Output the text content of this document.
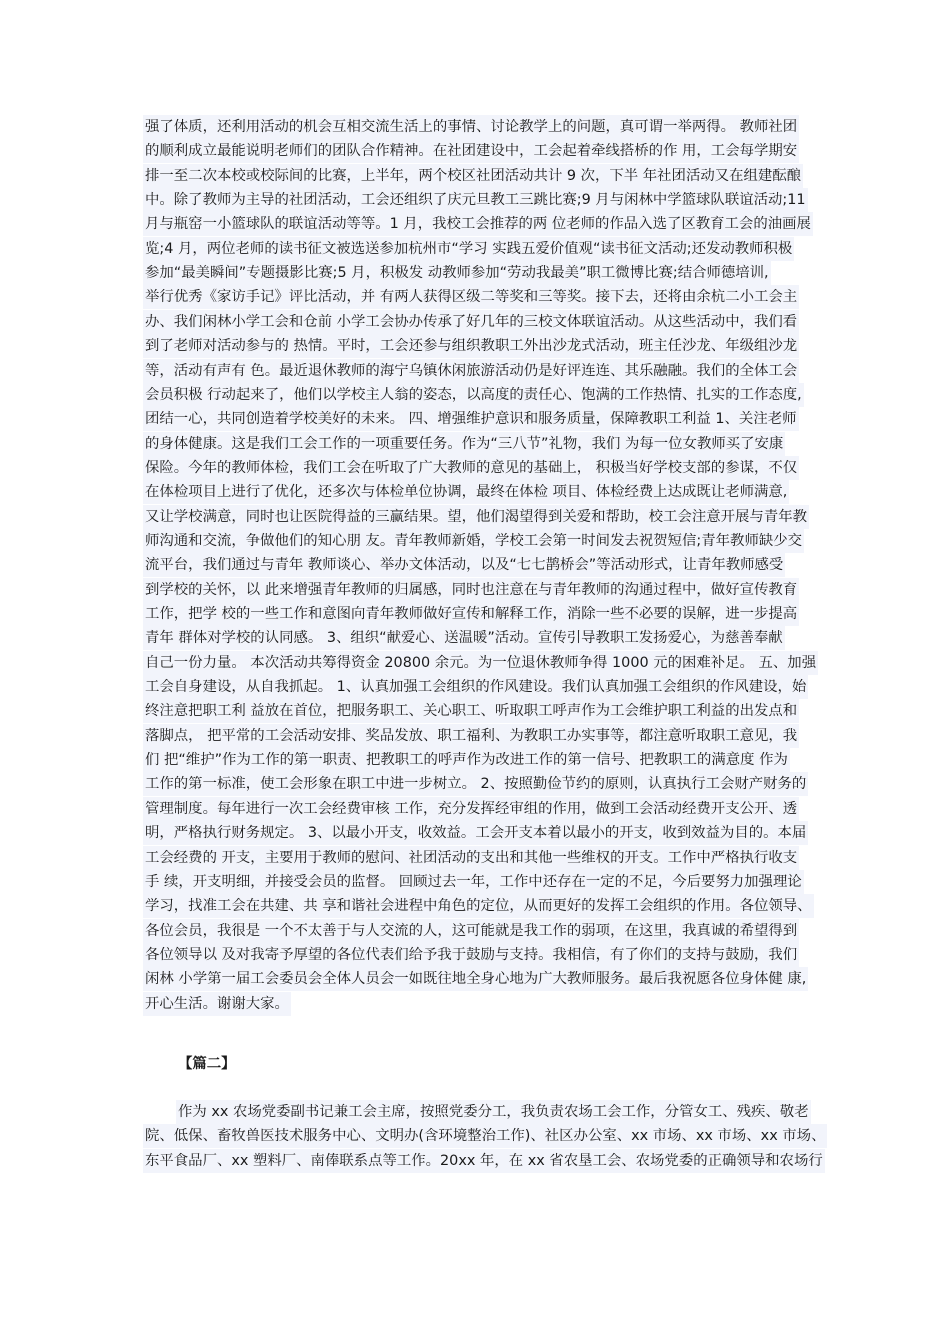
强了体质，还利用活动的机会互相交流生活上的事情、讨论教学上的问题，真可谓一举两得。 教师社团
的顺利成立最能说明老师们的团队合作精神。在社团建设中，工会起着牵线搭桥的作 用，工会每学期安
排一至二次本校或校际间的比赛，上半年，两个校区社团活动共计 9 次，下半 年社团活动又在组建酝酿
中。除了教师为主导的社团活动，工会还组织了庆元旦教工三跳比赛;9 月与闲林中学篮球队联谊活动;11
月与瓶窑一小篮球队的联谊活动等等。1 月，我校工会推荐的两 位老师的作品入选了区教育工会的油画展
览;4 月，两位老师的读书征文被选送参加杭州市“学习 实践五爱价值观“读书征文活动;还发动教师积极
参加“最美瞬间”专题摄影比赛;5 月，积极发 动教师参加“劳动我最美”职工微博比赛;结合师德培训,
举行优秀《家访手记》评比活动，并 有两人获得区级二等奖和三等奖。接下去，还将由余杭二小工会主
办、我们闲林小学工会和仓前 小学工会协办传承了好几年的三校文体联谊活动。从这些活动中，我们看
到了老师对活动参与的 热情。平时，工会还参与组织教职工外出沙龙式活动，班主任沙龙、年级组沙龙
等，活动有声有 色。最近退休教师的海宁乌镇休闲旅游活动仍是好评连连、其乐融融。我们的全体工会
会员积极 行动起来了，他们以学校主人翁的姿态，以高度的责任心、饱满的工作热情、扎实的工作态度,
团结一心，共同创造着学校美好的未来。 四、增强维护意识和服务质量，保障教职工利益 1、关注老师
的身体健康。这是我们工会工作的一项重要任务。作为“三八节”礼物，我们 为每一位女教师买了安康
保险。今年的教师体检，我们工会在听取了广大教师的意见的基础上， 积极当好学校支部的参谋，不仅
在体检项目上进行了优化，还多次与体检单位协调，最终在体检 项目、体检经费上达成既让老师满意,
又让学校满意，同时也让医院得益的三赢结果。望，他们渴望得到关爱和帮助，校工会注意开展与青年教
师沟通和交流，争做他们的知心朋 友。青年教师新婚，学校工会第一时间发去祝贺短信;青年教师缺少交
流平台，我们通过与青年 教师谈心、举办文体活动，以及“七七鹊桥会”等活动形式，让青年教师感受
到学校的关怀，以 此来增强青年教师的归属感，同时也注意在与青年教师的沟通过程中，做好宣传教育
工作，把学 校的一些工作和意图向青年教师做好宣传和解释工作，消除一些不必要的误解，进一步提高
青年 群体对学校的认同感。 3、组织“献爱心、送温暖”活动。宣传引导教职工发扬爱心，为慈善奉献
自己一份力量。 本次活动共筹得资金 20800 余元。为一位退休教师争得 1000 元的困难补足。 五、加强
工会自身建设，从自我抓起。 1、认真加强工会组织的作风建设。我们认真加强工会组织的作风建设，始
终注意把职工利 益放在首位，把服务职工、关心职工、听取职工呼声作为工会维护职工利益的出发点和
落脚点， 把平常的工会活动安排、奖品发放、职工福利、为教职工办实事等，都注意听取职工意见，我
们 把“维护”作为工作的第一职责、把教职工的呼声作为改进工作的第一信号、把教职工的满意度 作为
工作的第一标准，使工会形象在职工中进一步树立。 2、按照勤俭节约的原则，认真执行工会财产财务的
管理制度。每年进行一次工会经费审核 工作，充分发挥经审组的作用，做到工会活动经费开支公开、透
明，严格执行财务规定。 3、以最小开支，收效益。工会开支本着以最小的开支，收到效益为目的。本届
工会经费的 开支，主要用于教师的慰问、社团活动的支出和其他一些维权的开支。工作中严格执行收支
手 续，开支明细，并接受会员的监督。 回顾过去一年，工作中还存在一定的不足，今后要努力加强理论
学习，找准工会在共建、共 享和谐社会进程中角色的定位，从而更好的发挥工会组织的作用。各位领导、
各位会员，我很是 一个不太善于与人交流的人，这可能就是我工作的弱项，在这里，我真诚的希望得到
各位领导以 及对我寄予厚望的各位代表们给予我于鼓励与支持。我相信，有了你们的支持与鼓励，我们
闲林 小学第一届工会委员会全体人员会一如既往地全身心地为广大教师服务。最后我祝愿各位身体健 康,
开心生活。谢谢大家。
【篇二】
作为 xx 农场党委副书记兼工会主席，按照党委分工，我负责农场工会工作，分管女工、残疾、敬老
院、低保、畜牧兽医技术服务中心、文明办(含环境整治工作)、社区办公室、xx 市场、xx 市场、xx 市场、
东平食品厂、xx 塑料厂、南俸联系点等工作。20xx 年，在 xx 省农垦工会、农场党委的正确领导和农场行
